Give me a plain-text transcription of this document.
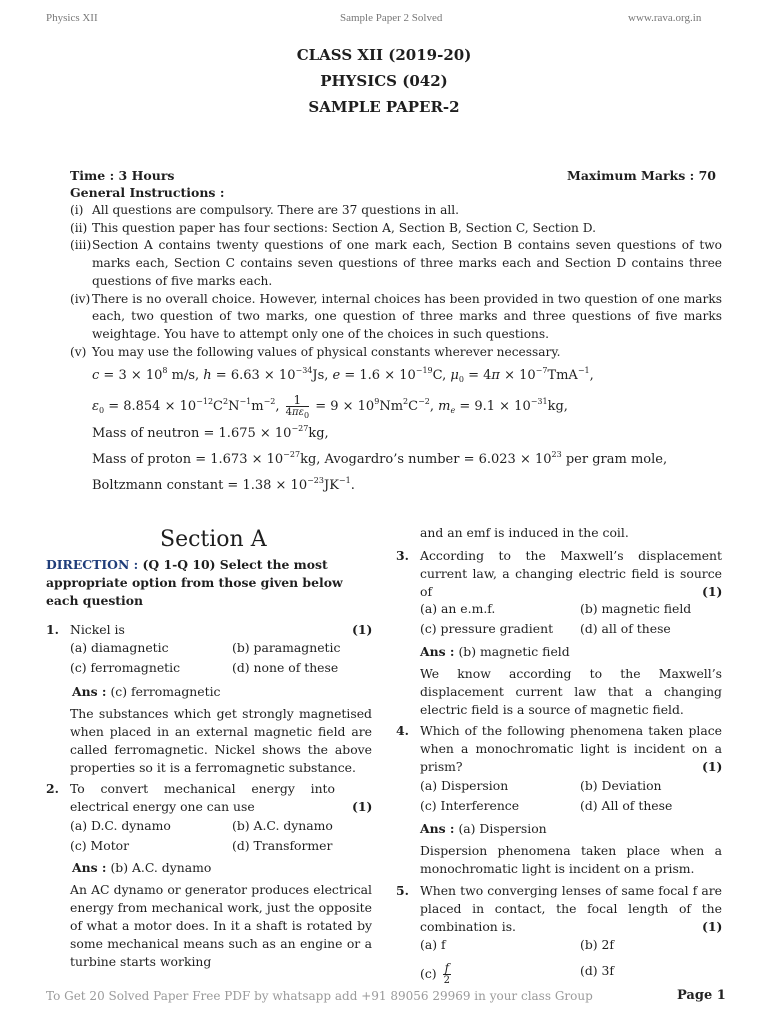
Physics XII	Sample Paper 2 Solved	www.rava.org.in
CLASS XII (2019-20)
PHYSICS (042)
SAMPLE PAPER-2
Time : 3 Hours	Maximum Marks : 70
General Instructions :
(i) All questions are compulsory. There are 37 questions in all.
(ii) This question paper has four sections: Section A, Section B, Section C, Section D.
(iii) Section A contains twenty questions of one mark each, Section B contains seven questions of two marks each, Section C contains seven questions of three marks each and Section D contains three questions of five marks each.
(iv) There is no overall choice. However, internal choices has been provided in two question of one marks each, two question of two marks, one question of three marks and three questions of five marks weightage. You have to attempt only one of the choices in such questions.
(v) You may use the following values of physical constants wherever necessary.
$c = 3 \times 10^8$ m/s, $h = 6.63 \times 10^{-34}Js$, $e = 1.6 \times 10^{-19}C$, $\mu_0 = 4\pi \times 10^{-7}TmA^{-1}$,
$\varepsilon_0 = 8.854 \times 10^{-12}C^2N^{-1}m^{-2}$, $\frac{1}{4\pi\varepsilon_0} = 9 \times 10^9Nm^2C^{-2}$, $m_e = 9.1 \times 10^{-31}kg$,
Mass of neutron = $1.675 \times 10^{-27}kg$,
Mass of proton = $1.673 \times 10^{-27}kg$, Avogardro’s number = $6.023 \times 10^{23}$ per gram mole,
Boltzmann constant = $1.38 \times 10^{-23}JK^{-1}$.
Section A
DIRECTION : (Q 1-Q 10) Select the most appropriate option from those given below each question
1. Nickel is	(1)
(a) diamagnetic	(b) paramagnetic
(c) ferromagnetic	(d) none of these
Ans : (c) ferromagnetic
The substances which get strongly magnetised when placed in an external magnetic field are called ferromagnetic. Nickel shows the above properties so it is a ferromagnetic substance.
2. To convert mechanical energy into electrical energy one can use	(1)
(a) D.C. dynamo	(b) A.C. dynamo
(c) Motor	(d) Transformer
Ans : (b) A.C. dynamo
An AC dynamo or generator produces electrical energy from mechanical work, just the opposite of what a motor does. In it a shaft is rotated by some mechanical means such as an engine or a turbine starts working
and an emf is induced in the coil.
3. According to the Maxwell’s displacement current law, a changing electric field is source of	(1)
(a) an e.m.f.	(b) magnetic field
(c) pressure gradient (d) all of these
Ans : (b) magnetic field
We know according to the Maxwell’s displacement current law that a changing electric field is a source of magnetic field.
4. Which of the following phenomena taken place when a monochromatic light is incident on a prism?	(1)
(a) Dispersion	(b) Deviation
(c) Interference	(d) All of these
Ans : (a) Dispersion
Dispersion phenomena taken place when a monochromatic light is incident on a prism.
5. When two converging lenses of same focal f are placed in contact, the focal length of the combination is.	(1)
(a) f	(b) 2f
$(c) \frac{f}{2}$	(d) 3f
To Get 20 Solved Paper Free PDF by whatsapp add +91 89056 29969 in your class Group	Page 1
